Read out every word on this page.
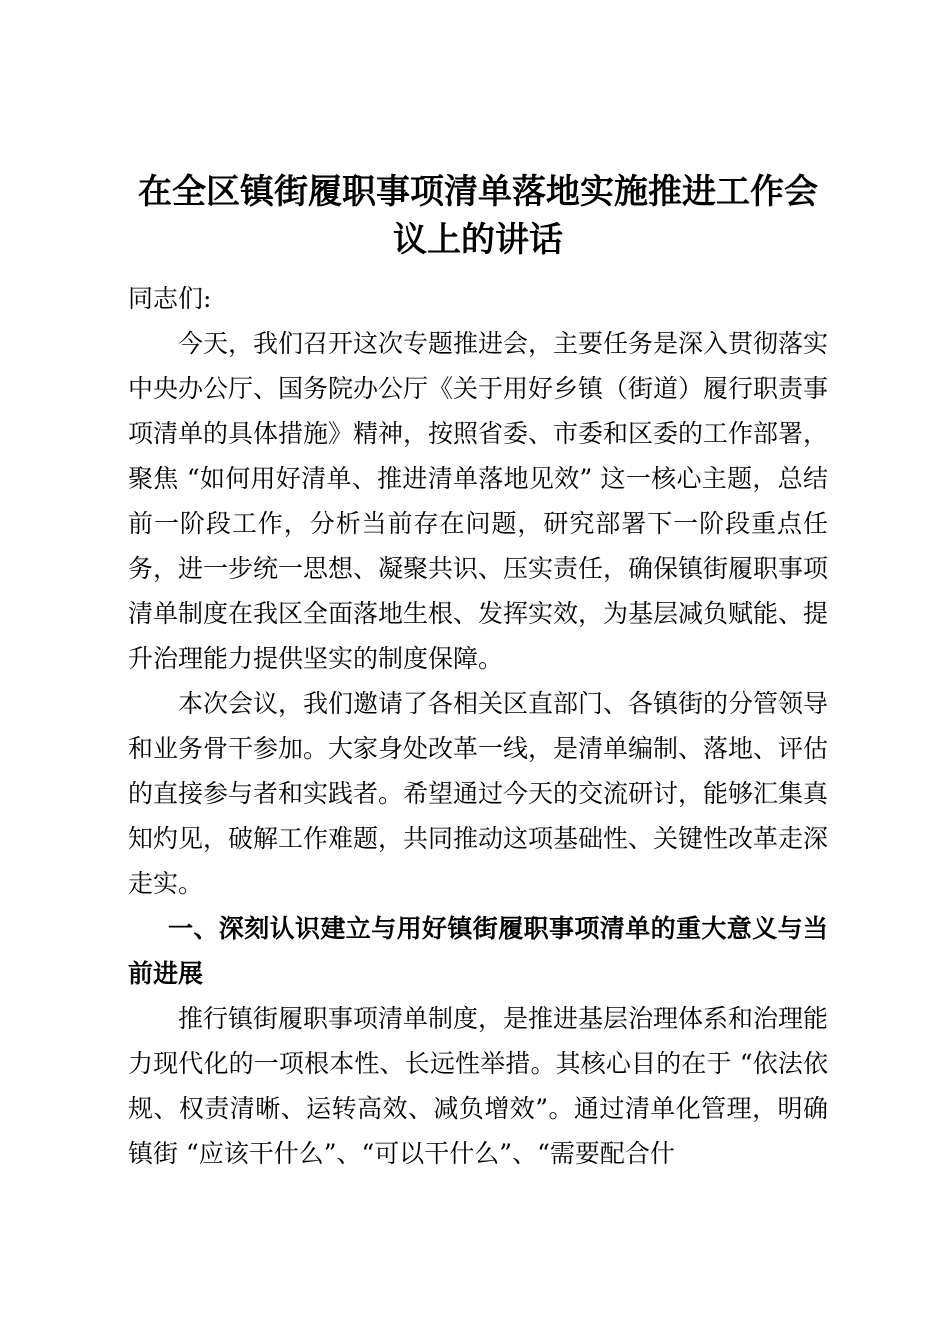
在全区镇街履职事项清单落地实施推进工作会议上的讲话

同志们:

今天，我们召开这次专题推进会，主要任务是深入贯彻落实中央办公厅、国务院办公厅《关于用好乡镇（街道）履行职责事项清单的具体措施》精神，按照省委、市委和区委的工作部署，聚焦 “如何用好清单、推进清单落地见效” 这一核心主题，总结前一阶段工作，分析当前存在问题，研究部署下一阶段重点任务，进一步统一思想、凝聚共识、压实责任，确保镇街履职事项清单制度在我区全面落地生根、发挥实效，为基层减负赋能、提升治理能力提供坚实的制度保障。

本次会议，我们邀请了各相关区直部门、各镇街的分管领导和业务骨干参加。大家身处改革一线，是清单编制、落地、评估的直接参与者和实践者。希望通过今天的交流研讨，能够汇集真知灼见，破解工作难题，共同推动这项基础性、关键性改革走深走实。

一、深刻认识建立与用好镇街履职事项清单的重大意义与当前进展

推行镇街履职事项清单制度，是推进基层治理体系和治理能力现代化的一项根本性、长远性举措。其核心目的在于 “依法依规、权责清晰、运转高效、减负增效”。通过清单化管理，明确镇街 “应该干什么”、“可以干什么”、“需要配合什
